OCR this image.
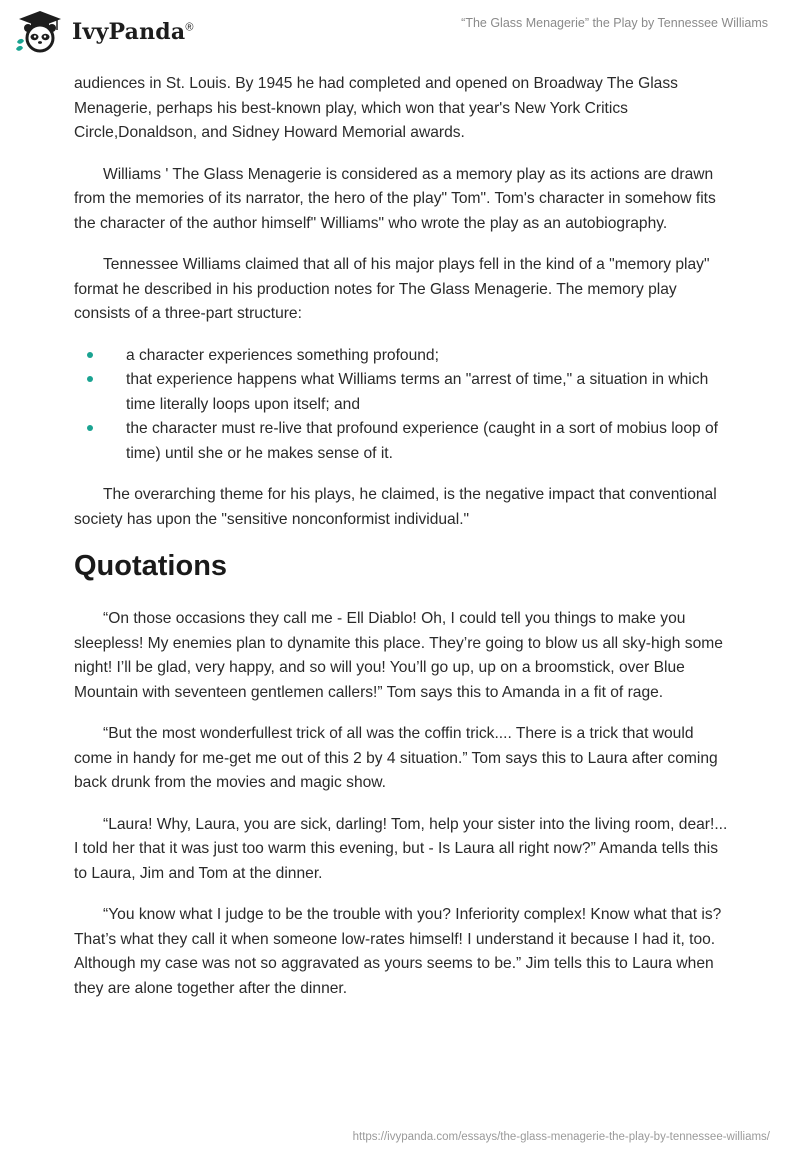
IvyPanda®	“The Glass Menagerie” the Play by Tennessee Williams

audiences in St. Louis. By 1945 he had completed and opened on Broadway The Glass Menagerie, perhaps his best-known play, which won that year's New York Critics Circle,Donaldson, and Sidney Howard Memorial awards.

Williams ' The Glass Menagerie is considered as a memory play as its actions are drawn from the memories of its narrator, the hero of the play" Tom". Tom's character in somehow fits the character of the author himself" Williams" who wrote the play as an autobiography.

Tennessee Williams claimed that all of his major plays fell in the kind of a "memory play" format he described in his production notes for The Glass Menagerie. The memory play consists of a three-part structure:

a character experiences something profound;
that experience happens what Williams terms an "arrest of time," a situation in which time literally loops upon itself; and
the character must re-live that profound experience (caught in a sort of mobius loop of time) until she or he makes sense of it.

The overarching theme for his plays, he claimed, is the negative impact that conventional society has upon the "sensitive nonconformist individual."

Quotations

“On those occasions they call me - Ell Diablo! Oh, I could tell you things to make you sleepless! My enemies plan to dynamite this place. They’re going to blow us all sky-high some night! I’ll be glad, very happy, and so will you! You’ll go up, up on a broomstick, over Blue Mountain with seventeen gentlemen callers!” Tom says this to Amanda in a fit of rage.

“But the most wonderfullest trick of all was the coffin trick.... There is a trick that would come in handy for me-get me out of this 2 by 4 situation.” Tom says this to Laura after coming back drunk from the movies and magic show.

“Laura! Why, Laura, you are sick, darling! Tom, help your sister into the living room, dear!... I told her that it was just too warm this evening, but - Is Laura all right now?” Amanda tells this to Laura, Jim and Tom at the dinner.

“You know what I judge to be the trouble with you? Inferiority complex! Know what that is? That’s what they call it when someone low-rates himself! I understand it because I had it, too. Although my case was not so aggravated as yours seems to be.” Jim tells this to Laura when they are alone together after the dinner.

https://ivypanda.com/essays/the-glass-menagerie-the-play-by-tennessee-williams/
